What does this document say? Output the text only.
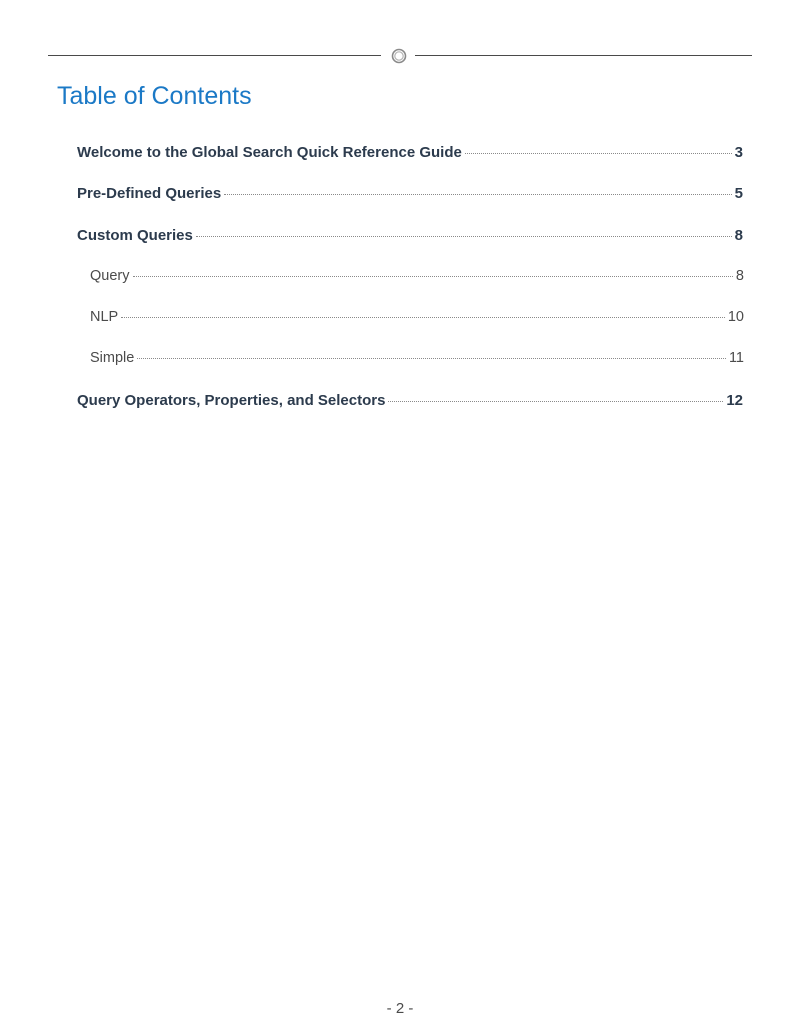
Table of Contents
Welcome to the Global Search Quick Reference Guide	3
Pre-Defined Queries	5
Custom Queries	8
Query	8
NLP	10
Simple	11
Query Operators, Properties, and Selectors	12
- 2 -
